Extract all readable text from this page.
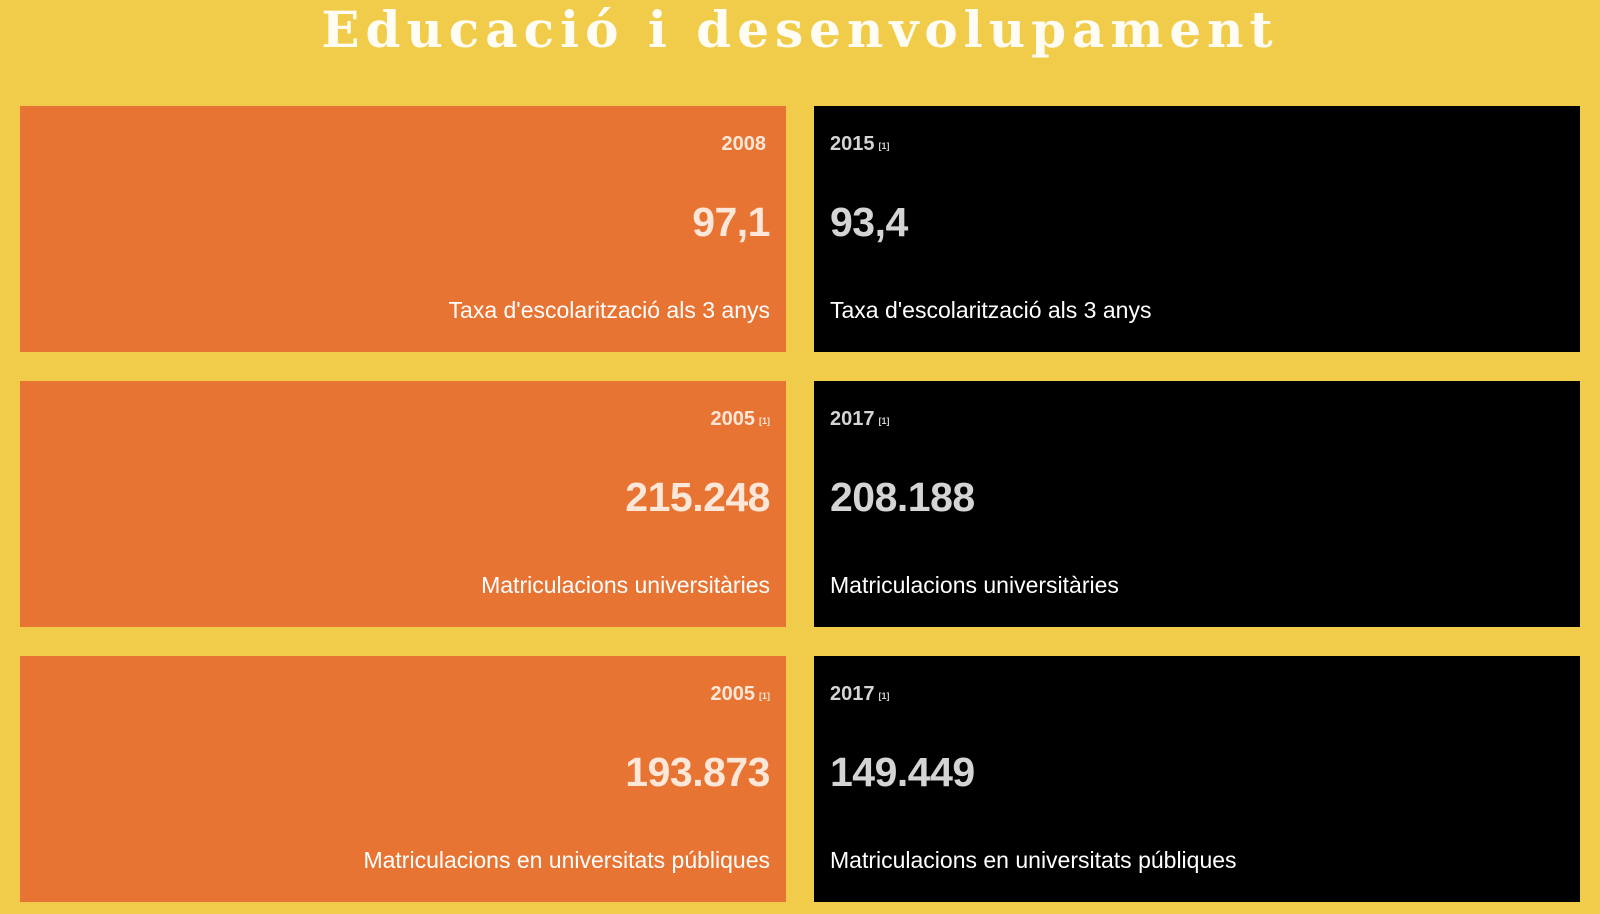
Educació i desenvolupament
2008
97,1
Taxa d'escolarització als 3 anys
2015 [1]
93,4
Taxa d'escolarització als 3 anys
2005 [1]
215.248
Matriculacions universitàries
2017 [1]
208.188
Matriculacions universitàries
2005 [1]
193.873
Matriculacions en universitats públiques
2017 [1]
149.449
Matriculacions en universitats públiques
